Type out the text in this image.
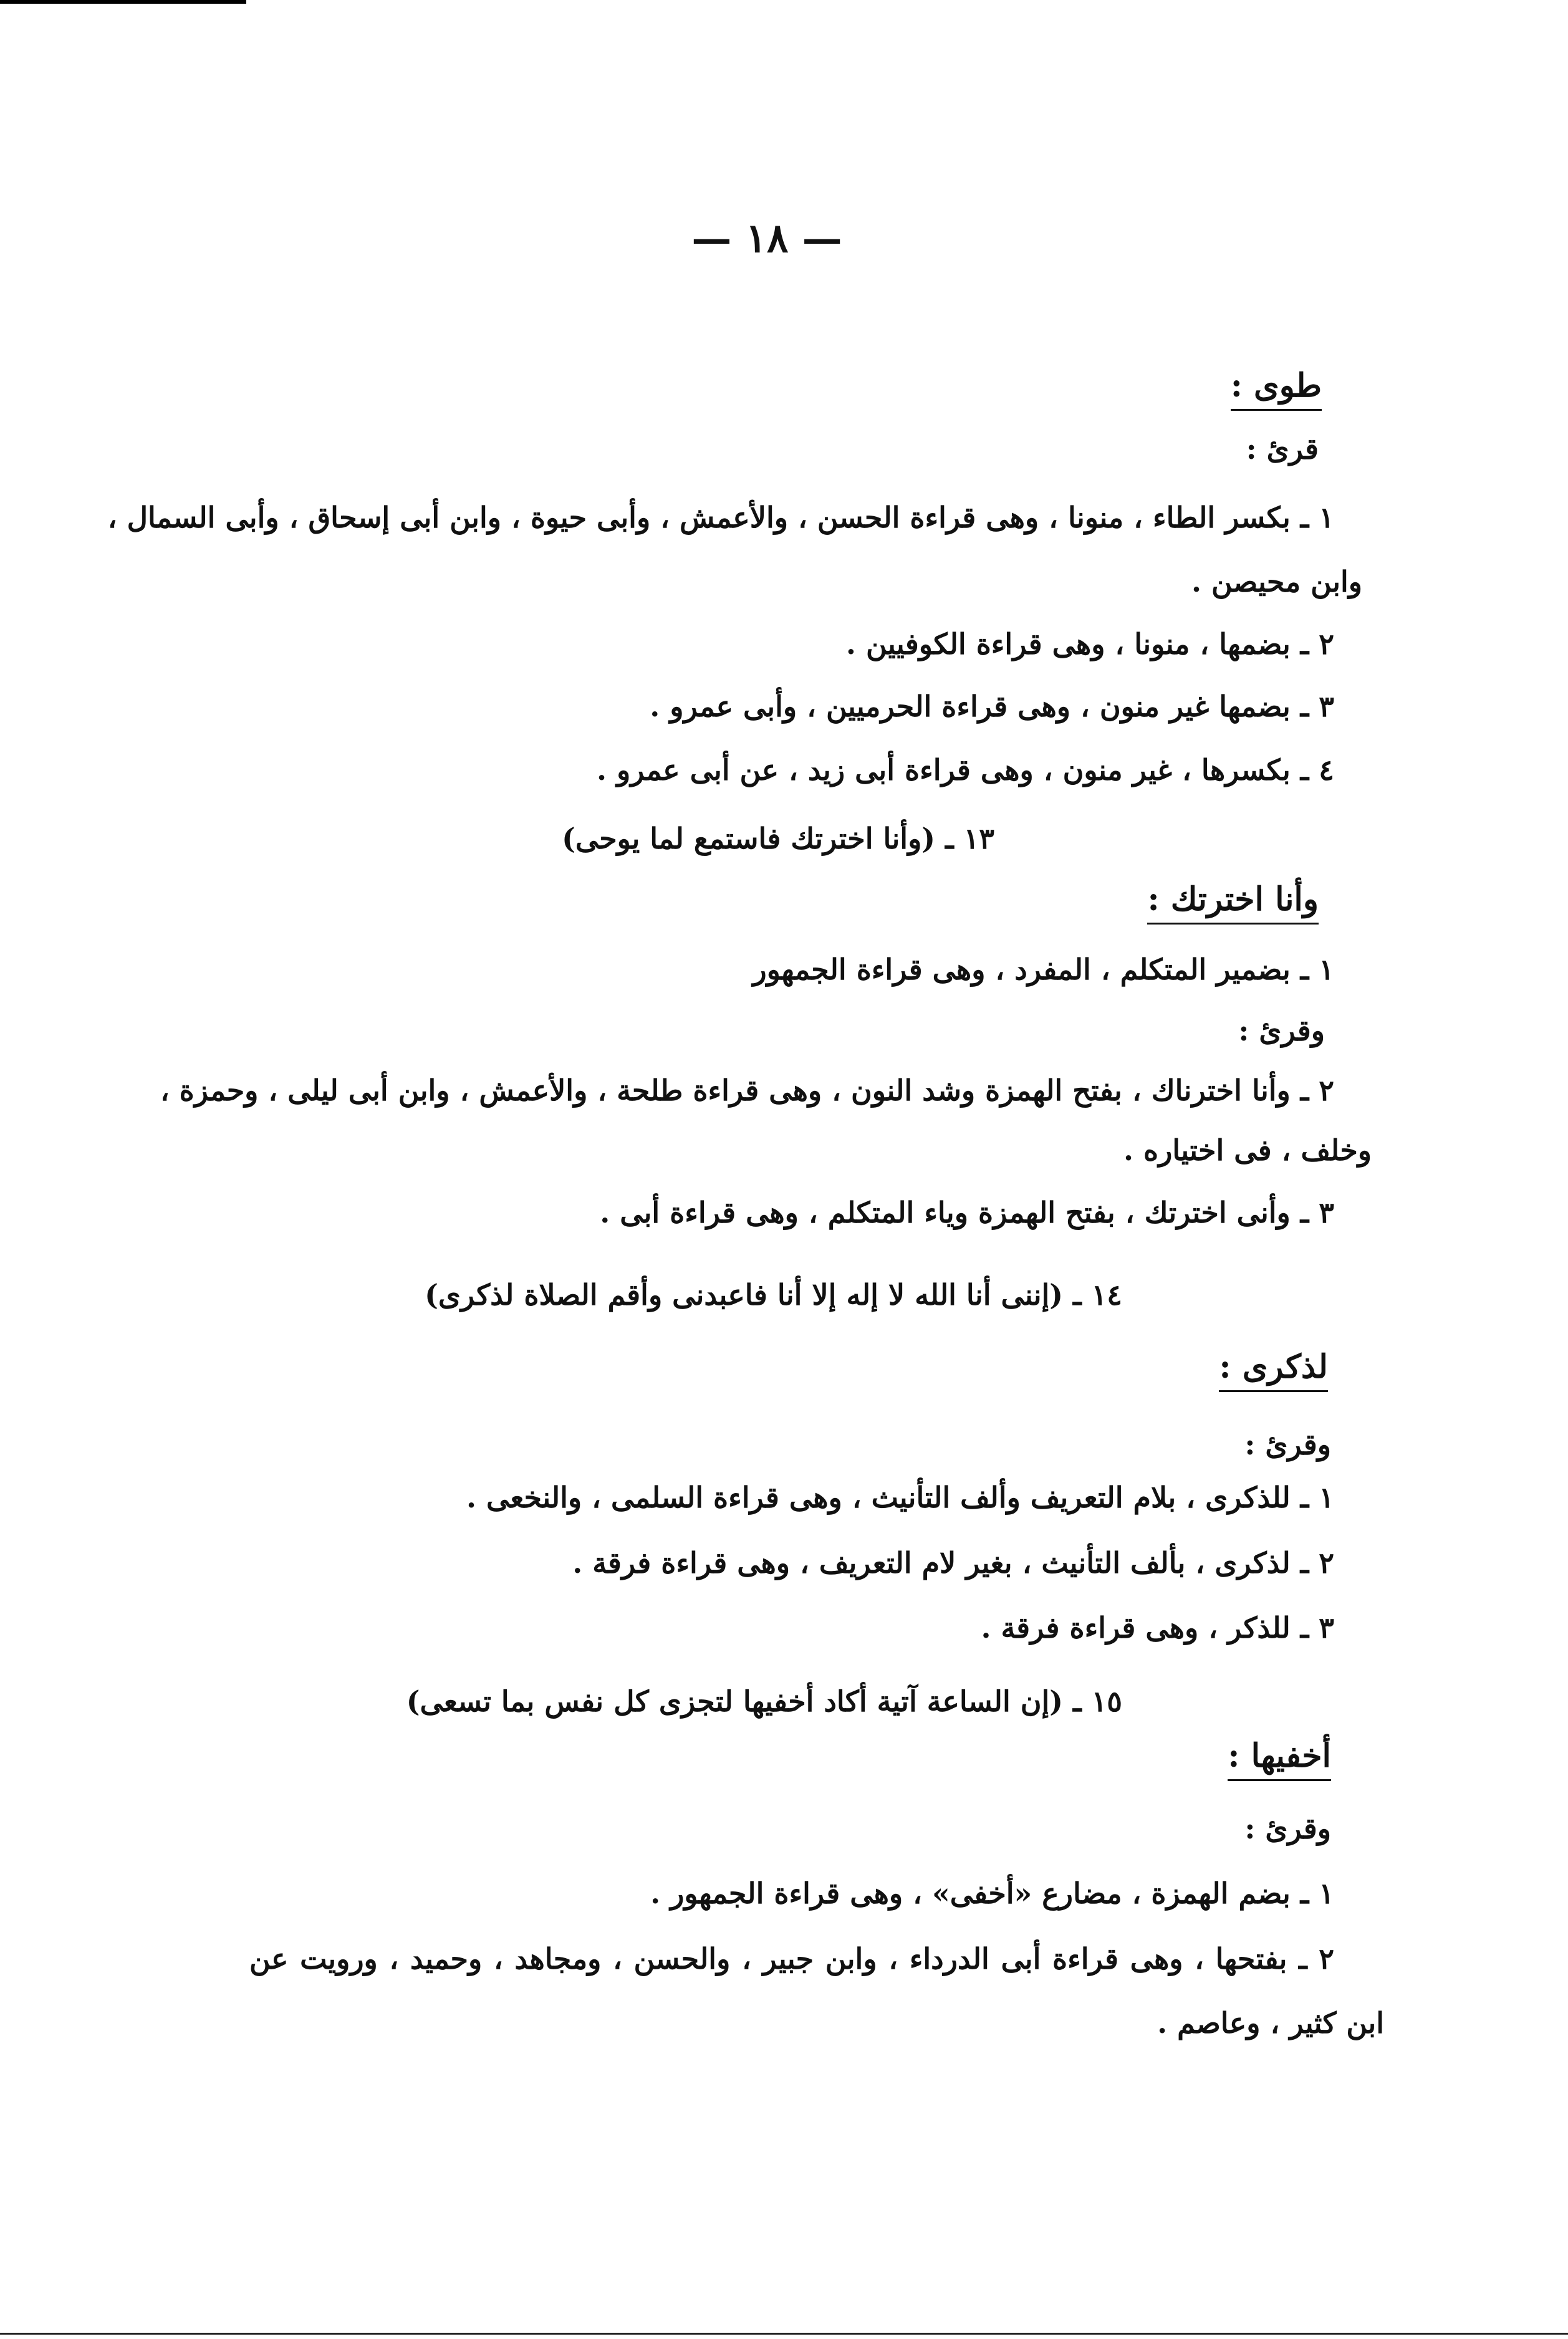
— ١٨ —
طوى :
قرئ :
١ ـ بكسر الطاء ، منونا ، وهى قراءة الحسن ، والأعمش ، وأبى حيوة ، وابن أبى إسحاق ، وأبى السمال ،
وابن محيصن .
٢ ـ بضمها ، منونا ، وهى قراءة الكوفيين .
٣ ـ بضمها غير منون ، وهى قراءة الحرميين ، وأبى عمرو .
٤ ـ بكسرها ، غير منون ، وهى قراءة أبى زيد ، عن أبى عمرو .
١٣ ـ (وأنا اخترتك فاستمع لما يوحى)
وأنا اخترتك :
١ ـ بضمير المتكلم ، المفرد ، وهى قراءة الجمهور
وقرئ :
٢ ـ وأنا اخترناك ، بفتح الهمزة وشد النون ، وهى قراءة طلحة ، والأعمش ، وابن أبى ليلى ، وحمزة ،
وخلف ، فى اختياره .
٣ ـ وأنى اخترتك ، بفتح الهمزة وياء المتكلم ، وهى قراءة أبى .
١٤ ـ (إننى أنا الله لا إله إلا أنا فاعبدنى وأقم الصلاة لذكرى)
لذكرى :
وقرئ :
١ ـ للذكرى ، بلام التعريف وألف التأنيث ، وهى قراءة السلمى ، والنخعى .
٢ ـ لذكرى ، بألف التأنيث ، بغير لام التعريف ، وهى قراءة فرقة .
٣ ـ للذكر ، وهى قراءة فرقة .
١٥ ـ (إن الساعة آتية أكاد أخفيها لتجزى كل نفس بما تسعى)
أخفيها :
وقرئ :
١ ـ بضم الهمزة ، مضارع «أخفى» ، وهى قراءة الجمهور .
٢ ـ بفتحها ، وهى قراءة أبى الدرداء ، وابن جبير ، والحسن ، ومجاهد ، وحميد ، ورويت عن
ابن كثير ، وعاصم .
